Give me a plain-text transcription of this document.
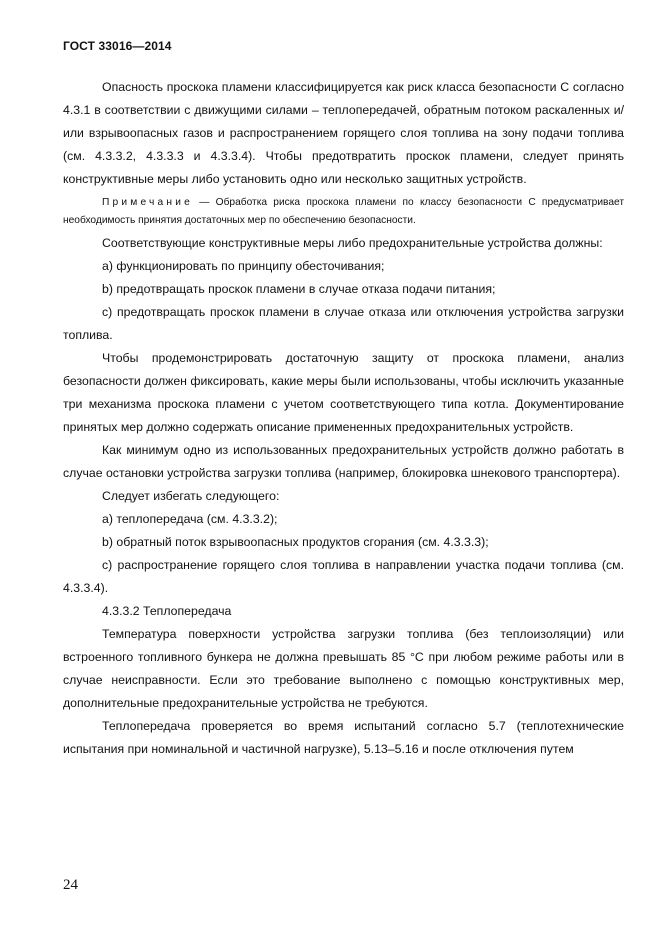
ГОСТ 33016—2014

Опасность проскока пламени классифицируется как риск класса безопасности С согласно 4.3.1 в соответствии с движущими силами – теплопередачей, обратным потоком раскаленных и/или взрывоопасных газов и распространением горящего слоя топлива на зону подачи топлива (см. 4.3.3.2, 4.3.3.3 и 4.3.3.4). Чтобы предотвратить проскок пламени, следует принять конструктивные меры либо установить одно или несколько защитных устройств.

Примечание — Обработка риска проскока пламени по классу безопасности С предусматривает необходимость принятия достаточных мер по обеспечению безопасности.

Соответствующие конструктивные меры либо предохранительные устройства должны:

а) функционировать по принципу обесточивания;

b) предотвращать проскок пламени в случае отказа подачи питания;

с) предотвращать проскок пламени в случае отказа или отключения устройства загрузки топлива.

Чтобы продемонстрировать достаточную защиту от проскока пламени, анализ безопасности должен фиксировать, какие меры были использованы, чтобы исключить указанные три механизма проскока пламени с учетом соответствующего типа котла. Документирование принятых мер должно содержать описание примененных предохранительных устройств.

Как минимум одно из использованных предохранительных устройств должно работать в случае остановки устройства загрузки топлива (например, блокировка шнекового транспортера).

Следует избегать следующего:

а) теплопередача (см. 4.3.3.2);

b) обратный поток взрывоопасных продуктов сгорания (см. 4.3.3.3);

с) распространение горящего слоя топлива в направлении участка подачи топлива (см. 4.3.3.4).

4.3.3.2 Теплопередача

Температура поверхности устройства загрузки топлива (без теплоизоляции) или встроенного топливного бункера не должна превышать 85 °С при любом режиме работы или в случае неисправности. Если это требование выполнено с помощью конструктивных мер, дополнительные предохранительные устройства не требуются.

Теплопередача проверяется во время испытаний согласно 5.7 (теплотехнические испытания при номинальной и частичной нагрузке), 5.13–5.16 и после отключения путем

24
